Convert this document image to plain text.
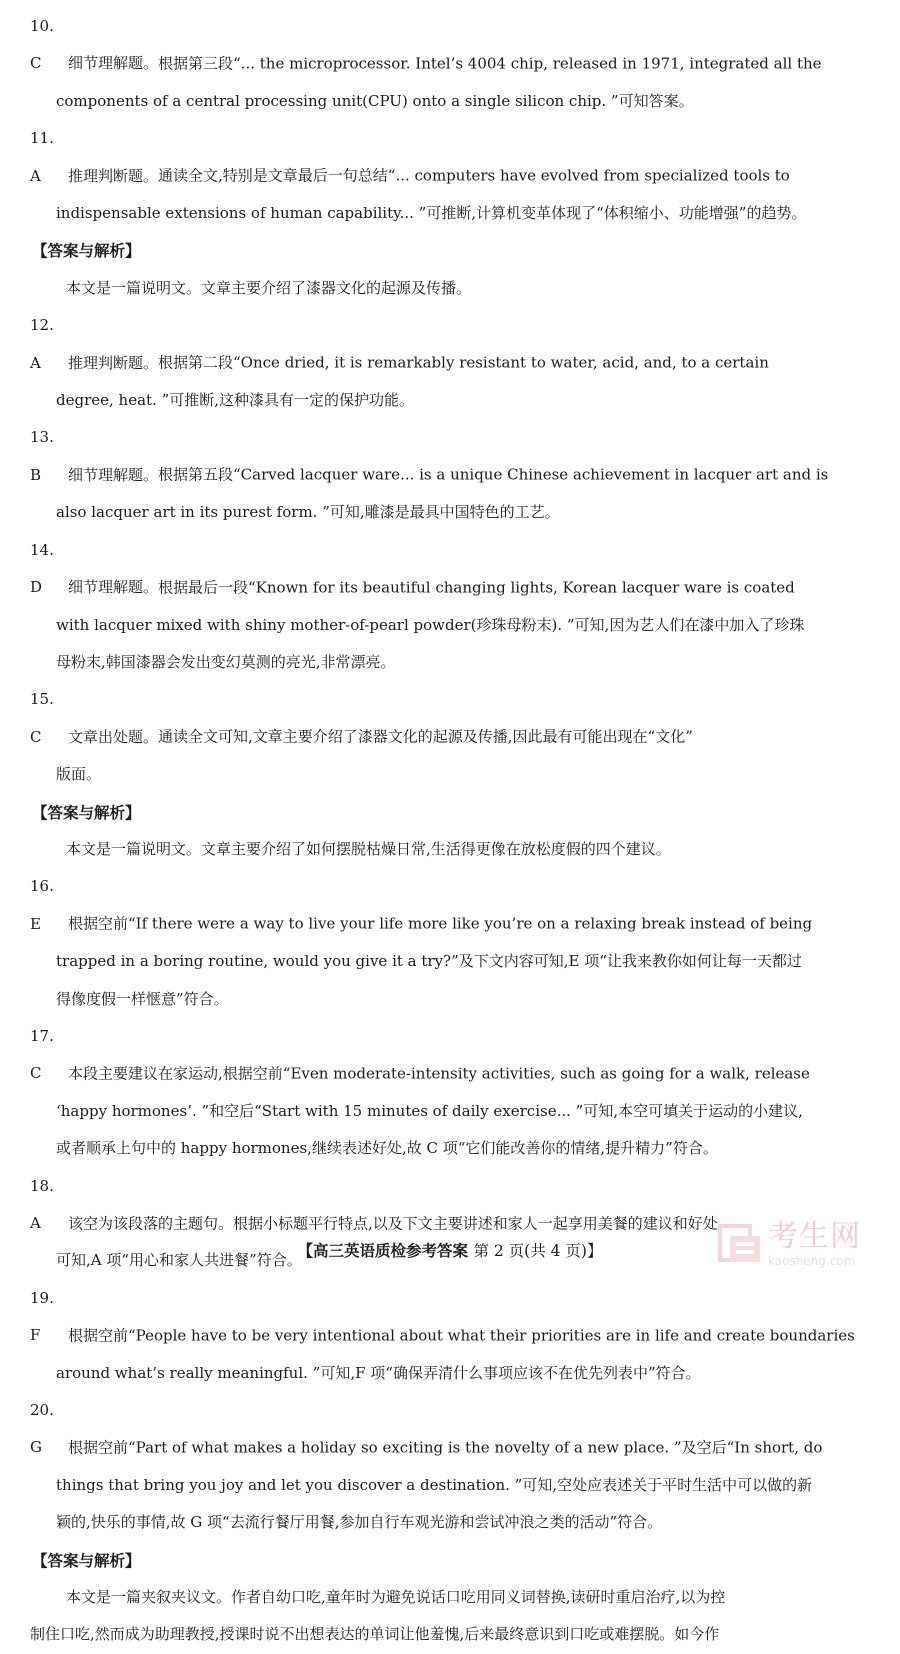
10. C 细节理解题。根据第三段“... the microprocessor. Intel’s 4004 chip, released in 1971, integrated all the
components of a central processing unit(CPU) onto a single silicon chip. ”可知答案。
11. A 推理判断题。通读全文,特别是文章最后一句总结“... computers have evolved from specialized tools to
indispensable extensions of human capability... ”可推断,计算机变革体现了“体积缩小、功能增强”的趋势。
【答案与解析】
本文是一篇说明文。文章主要介绍了漆器文化的起源及传播。
12. A 推理判断题。根据第二段“Once dried, it is remarkably resistant to water, acid, and, to a certain
degree, heat. ”可推断,这种漆具有一定的保护功能。
13. B 细节理解题。根据第五段“Carved lacquer ware... is a unique Chinese achievement in lacquer art and is
also lacquer art in its purest form. ”可知,雕漆是最具中国特色的工艺。
14. D 细节理解题。根据最后一段“Known for its beautiful changing lights, Korean lacquer ware is coated
with lacquer mixed with shiny mother-of-pearl powder(珍珠母粉末). ”可知,因为艺人们在漆中加入了珍珠
母粉末,韩国漆器会发出变幻莫测的亮光,非常漂亮。
15. C 文章出处题。通读全文可知,文章主要介绍了漆器文化的起源及传播,因此最有可能出现在“文化”
版面。
【答案与解析】
本文是一篇说明文。文章主要介绍了如何摆脱枯燥日常,生活得更像在放松度假的四个建议。
16. E 根据空前“If there were a way to live your life more like you’re on a relaxing break instead of being
trapped in a boring routine, would you give it a try?”及下文内容可知,E 项“让我来教你如何让每一天都过
得像度假一样惬意”符合。
17. C 本段主要建议在家运动,根据空前“Even moderate-intensity activities, such as going for a walk, release
‘happy hormones’. ”和空后“Start with 15 minutes of daily exercise... ”可知,本空可填关于运动的小建议,
或者顺承上句中的 happy hormones,继续表述好处,故 C 项“它们能改善你的情绪,提升精力”符合。
18. A 该空为该段落的主题句。根据小标题平行特点,以及下文主要讲述和家人一起享用美餐的建议和好处
可知,A 项“用心和家人共进餐”符合。
19. F 根据空前“People have to be very intentional about what their priorities are in life and create boundaries
around what’s really meaningful. ”可知,F 项“确保弄清什么事项应该不在优先列表中”符合。
20. G 根据空前“Part of what makes a holiday so exciting is the novelty of a new place. ”及空后“In short, do
things that bring you joy and let you discover a destination. ”可知,空处应表述关于平时生活中可以做的新
颖的,快乐的事情,故 G 项“去流行餐厅用餐,参加自行车观光游和尝试冲浪之类的活动”符合。
【答案与解析】
本文是一篇夹叙夹议文。作者自幼口吃,童年时为避免说话口吃用同义词替换,读研时重启治疗,以为控
制住口吃,然而成为助理教授,授课时说不出想表达的单词让他羞愧,后来最终意识到口吃或难摆脱。如今作
【高三英语质检参考答案 第 2 页(共 4 页)】	考生网
kaosheng.com
